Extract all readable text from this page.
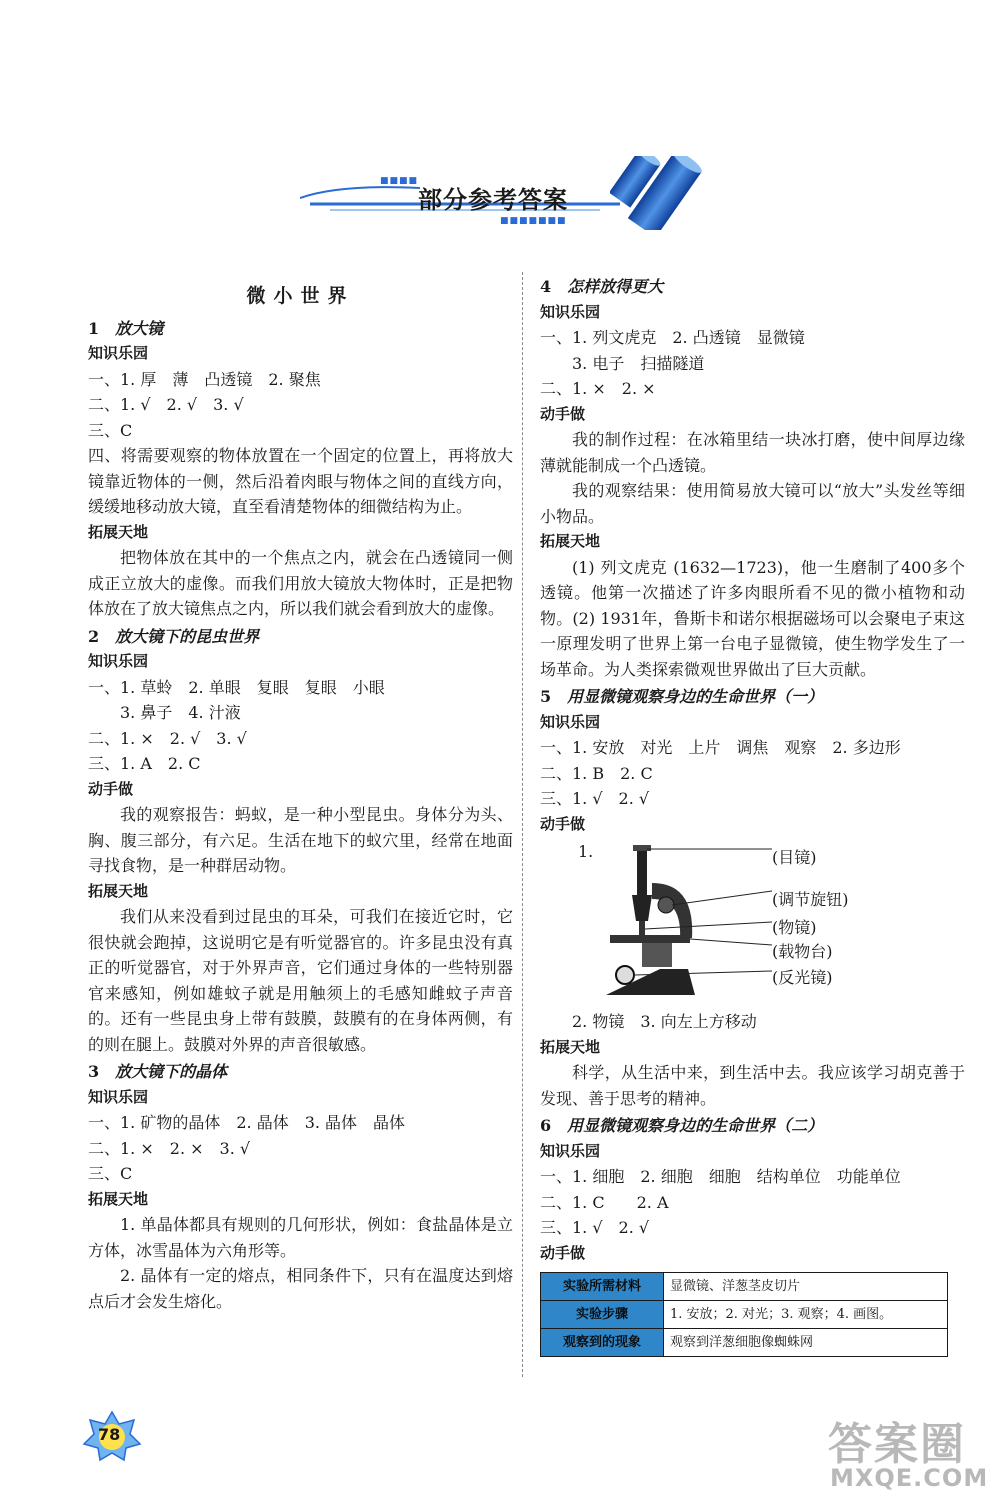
■■■■
■■■■■■■
部分参考答案
微小世界
1 放大镜
知识乐园

一、1. 厚　薄　凸透镜　2. 聚焦

二、1. √　2. √　3. √

三、C

四、将需要观察的物体放置在一个固定的位置上，再将放大镜靠近物体的一侧，然后沿着肉眼与物体之间的直线方向，缓缓地移动放大镜，直至看清楚物体的细微结构为止。

拓展天地

把物体放在其中的一个焦点之内，就会在凸透镜同一侧成正立放大的虚像。而我们用放大镜放大物体时，正是把物体放在了放大镜焦点之内，所以我们就会看到放大的虚像。

2 放大镜下的昆虫世界
知识乐园

一、1. 草蛉　2. 单眼　复眼　复眼　小眼

3. 鼻子　4. 汁液

二、1. ×　2. √　3. √

三、1. A　2. C

动手做

我的观察报告：蚂蚁，是一种小型昆虫。身体分为头、胸、腹三部分，有六足。生活在地下的蚁穴里，经常在地面寻找食物，是一种群居动物。

拓展天地

我们从来没看到过昆虫的耳朵，可我们在接近它时，它很快就会跑掉，这说明它是有听觉器官的。许多昆虫没有真正的听觉器官，对于外界声音，它们通过身体的一些特别器官来感知，例如雄蚊子就是用触须上的毛感知雌蚊子声音的。还有一些昆虫身上带有鼓膜，鼓膜有的在身体两侧，有的则在腿上。鼓膜对外界的声音很敏感。

3 放大镜下的晶体
知识乐园

一、1. 矿物的晶体　2. 晶体　3. 晶体　晶体

二、1. ×　2. ×　3. √

三、C

拓展天地

1. 单晶体都具有规则的几何形状，例如：食盐晶体是立方体，冰雪晶体为六角形等。

2. 晶体有一定的熔点，相同条件下，只有在温度达到熔点后才会发生熔化。

4 怎样放得更大
知识乐园

一、1. 列文虎克　2. 凸透镜　显微镜

3. 电子　扫描隧道

二、1. ×　2. ×

动手做

我的制作过程：在冰箱里结一块冰打磨，使中间厚边缘薄就能制成一个凸透镜。

我的观察结果：使用简易放大镜可以“放大”头发丝等细小物品。

拓展天地

(1) 列文虎克 (1632—1723)，他一生磨制了400多个透镜。他第一次描述了许多肉眼所看不见的微小植物和动物。(2) 1931年，鲁斯卡和诺尔根据磁场可以会聚电子束这一原理发明了世界上第一台电子显微镜，使生物学发生了一场革命。为人类探索微观世界做出了巨大贡献。

5 用显微镜观察身边的生命世界（一）
知识乐园

一、1. 安放　对光　上片　调焦　观察　2. 多边形

二、1. B　2. C

三、1. √　2. √

动手做
1.	(目镜)
(调节旋钮)
(物镜)
(载物台)
(反光镜)

2. 物镜　3. 向左上方移动

拓展天地

科学，从生活中来，到生活中去。我应该学习胡克善于发现、善于思考的精神。

6 用显微镜观察身边的生命世界（二）
知识乐园

一、1. 细胞　2. 细胞　细胞　结构单位　功能单位

二、1. C　　2. A

三、1. √　2. √

动手做
实验所需材料	显微镜、洋葱茎皮切片
实验步骤	1. 安放；2. 对光；3. 观察；4. 画图。
观察到的现象	观察到洋葱细胞像蜘蛛网
78	答案圈
MXQE.COM
